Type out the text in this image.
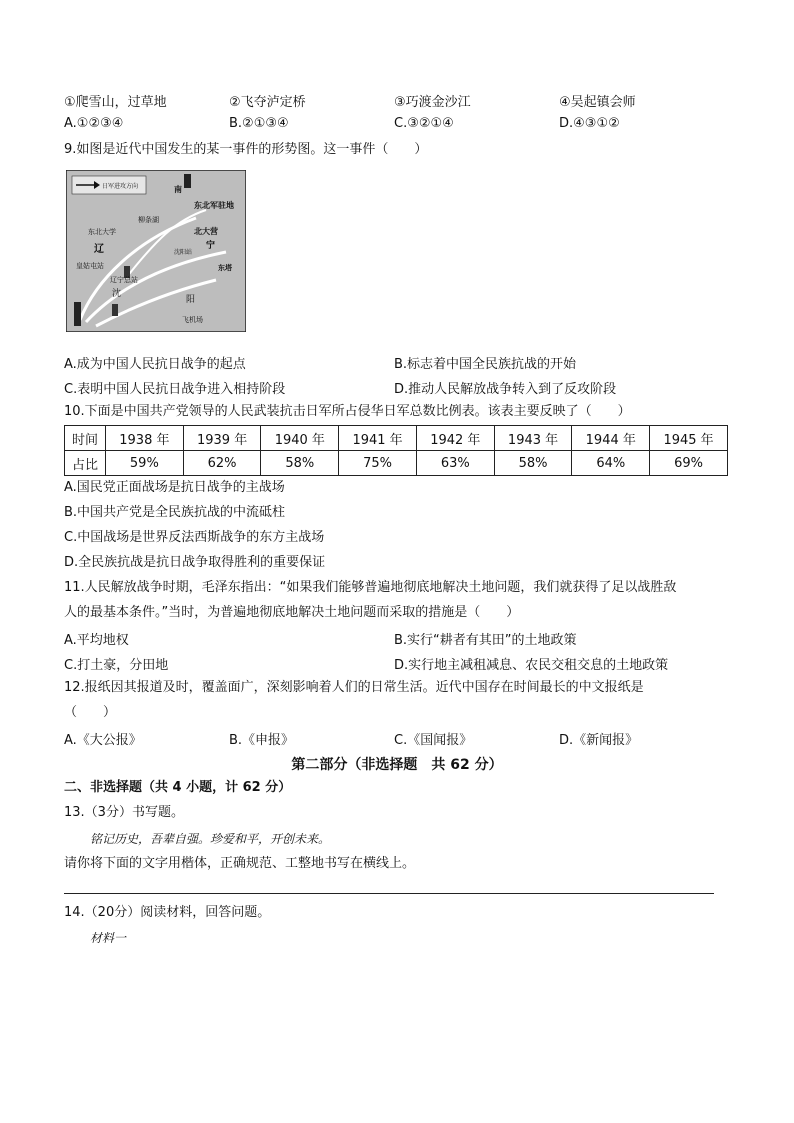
①爬雪山，过草地	②飞夺泸定桥	③巧渡金沙江	④吴起镇会师
A.①②③④	B.②①③④	C.③②①④	D.④③①②
9.如图是近代中国发生的某一事件的形势图。这一事件（　　）
日军进攻方向	南
东北军驻地
柳条湖
北大营
东北大学
辽	沈阳站
宁
皇姑屯站
辽宁总站
东塔
沈
阳
飞机场
A.成为中国人民抗日战争的起点	B.标志着中国全民族抗战的开始
C.表明中国人民抗日战争进入相持阶段	D.推动人民解放战争转入到了反攻阶段
10.下面是中国共产党领导的人民武装抗击日军所占侵华日军总数比例表。该表主要反映了（　　）
时间	1938 年	1939 年	1940 年	1941 年	1942 年	1943 年	1944 年	1945 年
占比	59%	62%	58%	75%	63%	58%	64%	69%
A.国民党正面战场是抗日战争的主战场
B.中国共产党是全民族抗战的中流砥柱
C.中国战场是世界反法西斯战争的东方主战场
D.全民族抗战是抗日战争取得胜利的重要保证
11.人民解放战争时期，毛泽东指出：“如果我们能够普遍地彻底地解决土地问题，我们就获得了足以战胜敌
人的最基本条件。”当时，为普遍地彻底地解决土地问题而采取的措施是（　　）
A.平均地权	B.实行“耕者有其田”的土地政策
C.打土豪，分田地	D.实行地主减租减息、农民交租交息的土地政策
12.报纸因其报道及时，覆盖面广，深刻影响着人们的日常生活。近代中国存在时间最长的中文报纸是
（　　）
A.《大公报》	B.《申报》	C.《国闻报》	D.《新闻报》
第二部分（非选择题　共 62 分）
二、非选择题（共 4 小题，计 62 分）
13.（3分）书写题。
铭记历史，吾辈自强。珍爱和平，开创未来。
请你将下面的文字用楷体，正确规范、工整地书写在横线上。
14.（20分）阅读材料，回答问题。
材料一
